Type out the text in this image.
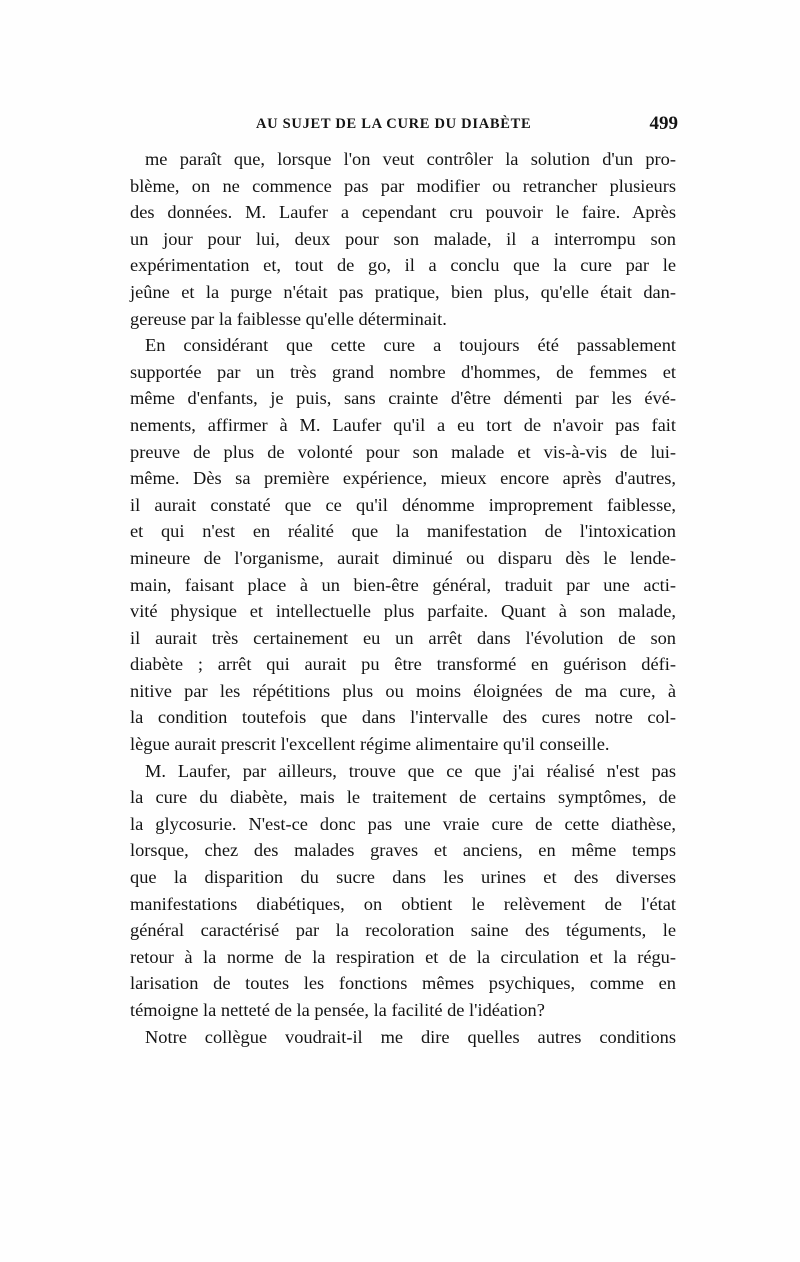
AU SUJET DE LA CURE DU DIABÈTE	499
me paraît que, lorsque l'on veut contrôler la solution d'un pro-
blème, on ne commence pas par modifier ou retrancher plusieurs
des données. M. Laufer a cependant cru pouvoir le faire. Après
un jour pour lui, deux pour son malade, il a interrompu son
expérimentation et, tout de go, il a conclu que la cure par le
jeûne et la purge n'était pas pratique, bien plus, qu'elle était dan-
gereuse par la faiblesse qu'elle déterminait.
En considérant que cette cure a toujours été passablement
supportée par un très grand nombre d'hommes, de femmes et
même d'enfants, je puis, sans crainte d'être démenti par les évé-
nements, affirmer à M. Laufer qu'il a eu tort de n'avoir pas fait
preuve de plus de volonté pour son malade et vis-à-vis de lui-
même. Dès sa première expérience, mieux encore après d'autres,
il aurait constaté que ce qu'il dénomme improprement faiblesse,
et qui n'est en réalité que la manifestation de l'intoxication
mineure de l'organisme, aurait diminué ou disparu dès le lende-
main, faisant place à un bien-être général, traduit par une acti-
vité physique et intellectuelle plus parfaite. Quant à son malade,
il aurait très certainement eu un arrêt dans l'évolution de son
diabète ; arrêt qui aurait pu être transformé en guérison défi-
nitive par les répétitions plus ou moins éloignées de ma cure, à
la condition toutefois que dans l'intervalle des cures notre col-
lègue aurait prescrit l'excellent régime alimentaire qu'il conseille.
M. Laufer, par ailleurs, trouve que ce que j'ai réalisé n'est pas
la cure du diabète, mais le traitement de certains symptômes, de
la glycosurie. N'est-ce donc pas une vraie cure de cette diathèse,
lorsque, chez des malades graves et anciens, en même temps
que la disparition du sucre dans les urines et des diverses
manifestations diabétiques, on obtient le relèvement de l'état
général caractérisé par la recoloration saine des téguments, le
retour à la norme de la respiration et de la circulation et la régu-
larisation de toutes les fonctions mêmes psychiques, comme en
témoigne la netteté de la pensée, la facilité de l'idéation?
Notre collègue voudrait-il me dire quelles autres conditions
